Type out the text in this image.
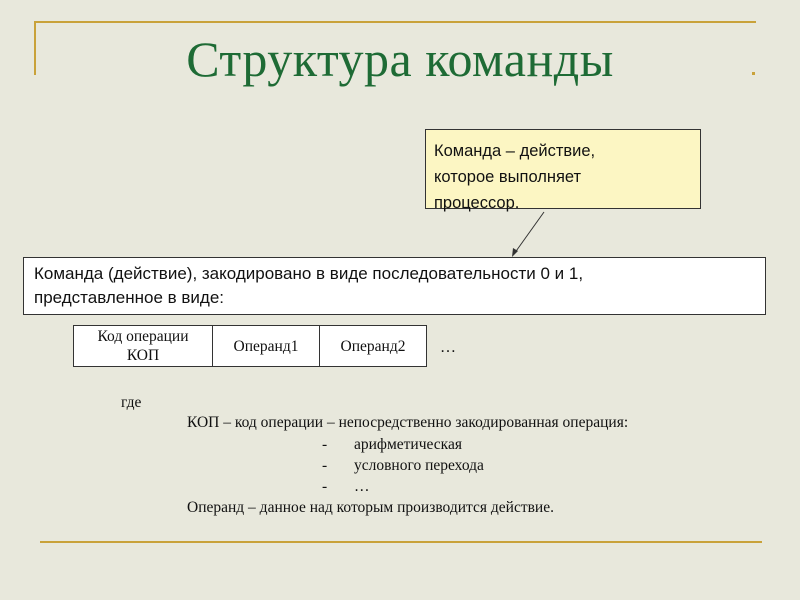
Структура команды
Команда – действие,
которое выполняет
процессор.
Команда (действие), закодировано в виде последовательности 0 и 1,
представленное в виде:
Код операции
КОП
	Операнд1	Операнд2 …
где
КОП – код операции – непосредственно закодированная операция:
- арифметическая
- условного перехода
- …
Операнд – данное над которым производится действие.
